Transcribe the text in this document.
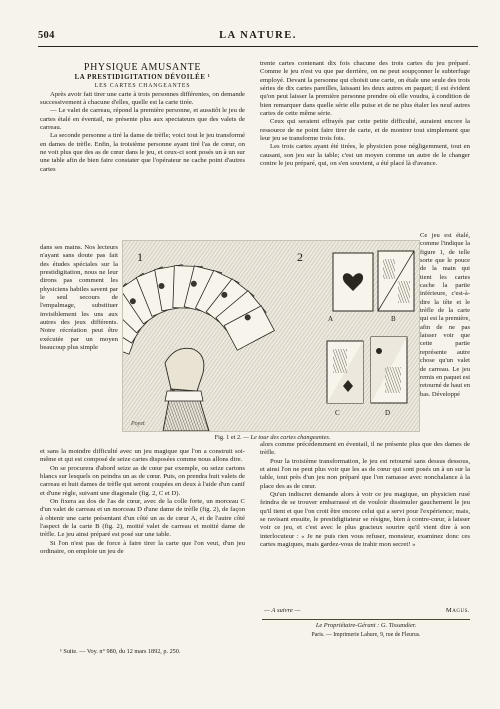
504	LA NATURE.

PHYSIQUE AMUSANTE

LA PRESTIDIGITATION DÉVOILÉE ¹

LES CARTES CHANGEANTES

Après avoir fait tirer une carte à trois personnes différentes, on demande successivement à chacune d'elles, quelle est la carte tirée.

— Le valet de carreau, répond la première personne, et aussitôt le jeu de cartes étalé en éventail, ne présente plus aux spectateurs que des valets de carreau.

La seconde personne a tiré la dame de trèfle; voici tout le jeu transformé en dames de trèfle. Enfin, la troisième personne ayant tiré l'as de cœur, on ne voit plus que des as de cœur dans le jeu, et ceux-ci sont posés un à un sur une table afin de bien faire constater que l'opérateur ne cache point d'autres cartes

trente cartes contenant dix fois chacune des trois cartes du jeu préparé. Comme le jeu n'est vu que par derrière, on ne peut soupçonner le subterfuge employé. Devant la personne qui choisit une carte, on étale une seule des trois séries de dix cartes pareilles, laissant les deux autres en paquet; il est évident qu'on peut laisser la première personne prendre où elle voudra, à condition de bien remarquer dans quelle série elle puise et de ne plus étaler les neuf autres cartes de cette même série.

Ceux qui seraient effrayés par cette petite difficulté, auraient encore la ressource de ne point faire tirer de carte, et de montrer tout simplement que leur jeu se transforme trois fois.

Les trois cartes ayant été tirées, le physicien pose négligemment, tout en causant, son jeu sur la table; c'est un moyen comme un autre de le changer contre le jeu préparé, qui, on s'en souvient, a été placé là d'avance.

dans ses mains. Nos lecteurs n'ayant sans doute pas fait des études spéciales sur la prestidigitation, nous ne leur dirons pas comment les physiciens habiles savent par le seul secours de l'empalmage, substituer invisiblement les uns aux autres des jeux différents. Notre récréation peut être exécutée par un moyen beaucoup plus simple

Ce jeu est étalé, comme l'indique la figure 1, de telle sorte que le pouce de la main qui tient les cartes cache la partie inférieure, c'est-à-dire la tête et le trèfle de la carte qui est la première, afin de ne pas laisser voir que cette partie représente autre chose qu'un valet de carreau. Le jeu remis en paquet est retourné de haut en bas. Développé

1	2
A	B
C	D
Poyet
Fig. 1 et 2. — Le tour des cartes changeantes.

et sans la moindre difficulté avec un jeu magique que l'on a construit soi-même et qui est composé de seize cartes disposées comme nous allons dire.

On se procurera d'abord seize as de cœur par exemple, ou seize cartons blancs sur lesquels on peindra un as de cœur. Puis, on prendra huit valets de carreau et huit dames de trèfle qui seront coupées en deux à l'aide d'un canif et d'une règle, suivant une diagonale (fig. 2, C et D).

On fixera au dos de l'as de cœur, avec de la colle forte, un morceau C d'un valet de carreau et un morceau D d'une dame de trèfle (fig. 2), de façon à obtenir une carte présentant d'un côté un as de cœur A, et de l'autre côté l'aspect de la carte B (fig. 2), moitié valet de carreau et moitié dame de trèfle. Le jeu ainsi préparé est posé sur une table.

Si l'on n'est pas de force à faire tirer la carte que l'on veut, d'un jeu ordinaire, on emploie un jeu de

alors comme précédemment en éventail, il ne présente plus que des dames de trèfle.

Pour la troisième transformation, le jeu est retourné sans dessus dessous, et ainsi l'on ne peut plus voir que les as de cœur qui sont posés un à un sur la table, tout près d'un jeu non préparé que l'on ramasse avec nonchalance à la place des as de cœur.

Qu'un indiscret demande alors à voir ce jeu magique, un physicien rusé feindra de se trouver embarrassé et de vouloir dissimuler gauchement le jeu qu'il tient et que l'on croit être encore celui qui a servi pour l'expérience; mais, se ravisant ensuite, le prestidigitateur se résigne, bien à contre-cœur, à laisser voir ce jeu, et c'est avec le plus gracieux sourire qu'il vient dire à son interlocuteur : « Je ne puis rien vous refuser, monsieur, examinez donc ces cartes magiques, mais gardez-vous de trahir mon secret! »

— A suivre —	Magus.
Le Propriétaire-Gérant : G. Tissandier.
Paris. — Imprimerie Lahure, 9, rue de Fleurus.
¹ Suite. — Voy. n° 980, du 12 mars 1892, p. 250.
